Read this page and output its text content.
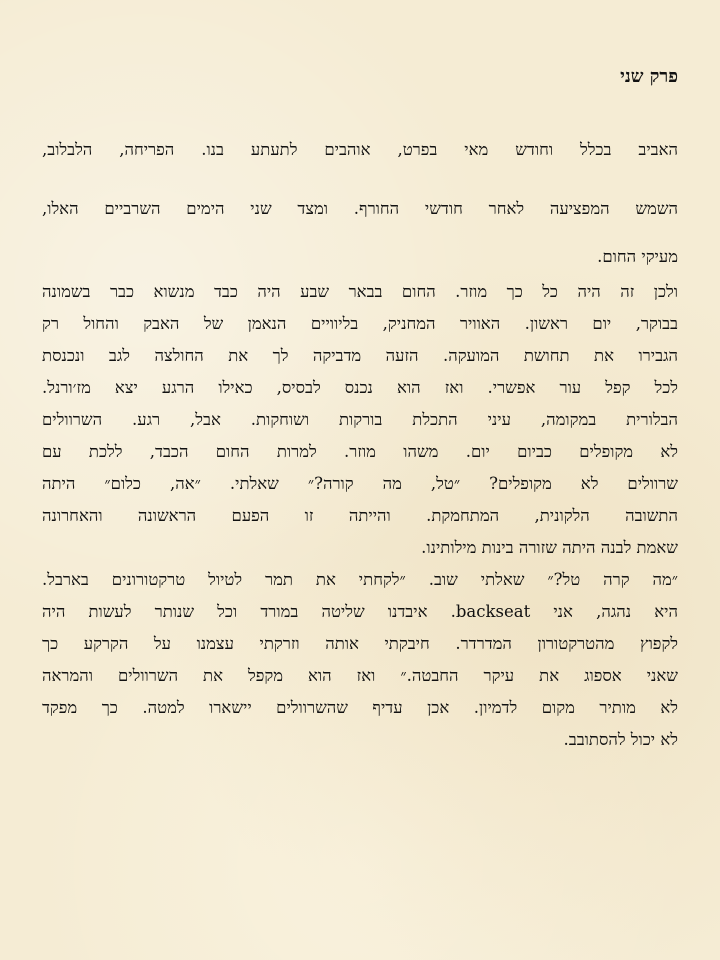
פרק שני
האביב בכלל וחודש מאי בפרט, אוהבים לתעתע בנו. הפריחה, הלבלוב,
השמש המפציעה לאחר חודשי החורף. ומצד שני הימים השרביים האלו,
מעיקי החום.
ולכן זה היה כל כך מוזר. החום בבאר שבע היה כבד מנשוא כבר בשמונה
בבוקר, יום ראשון. האוויר המחניק, בליוויים הנאמן של האבק והחול רק
הגבירו את תחושת המועקה. הזעה מדביקה לך את החולצה לגב ונכנסת
לכל קפל עור אפשרי. ואז הוא נכנס לבסיס, כאילו הרגע יצא מז׳ורנל.
הבלורית במקומה, עיני התכלת בורקות ושוחקות. אבל, רגע. השרוולים
לא מקופלים כביום יום. משהו מוזר. למרות החום הכבד, ללכת עם
שרוולים לא מקופלים? ״טל, מה קורה?״ שאלתי. ״אה, כלום״ היתה
התשובה הלקונית, המתחמקת. והייתה זו הפעם הראשונה והאחרונה
שאמת לבנה היתה שזורה בינות מילותינו.
״מה קרה טל?״ שאלתי שוב. ״לקחתי את תמר לטיול טרקטורונים בארבל.
היא נהגה, אני backseat. איבדנו שליטה במורד וכל שנותר לעשות היה
לקפוץ מהטרקטורון המדרדר. חיבקתי אותה וזרקתי עצמנו על הקרקע כך
שאני אספוג את עיקר החבטה.״ ואז הוא מקפל את השרוולים והמראה
לא מותיר מקום לדמיון. אכן עדיף שהשרוולים יישארו למטה. כך מפקד
לא יכול להסתובב.
